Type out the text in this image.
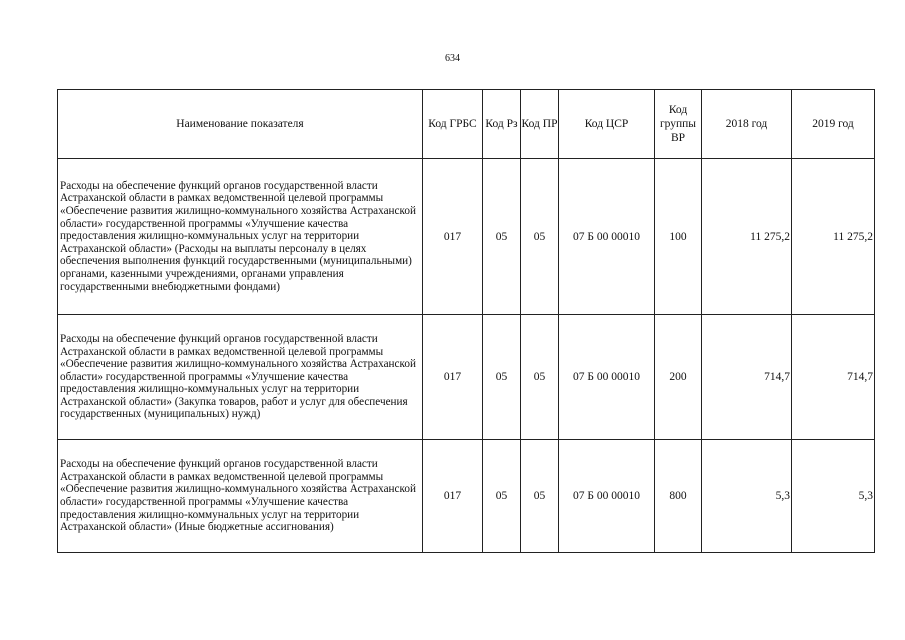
634
Наименование показателя	Код ГРБС	Код Рз	Код ПР	Код ЦСР	Код группы ВР	2018 год	2019 год
Расходы на обеспечение функций органов государственной власти Астраханской области в рамках ведомственной целевой программы «Обеспечение развития жилищно-коммунального хозяйства Астраханской области» государственной программы «Улучшение качества предоставления жилищно-коммунальных услуг на территории Астраханской области» (Расходы на выплаты персоналу в целях обеспечения выполнения функций государственными (муниципальными) органами, казенными учреждениями, органами управления государственными внебюджетными фондами)	017	05	05	07 Б 00 00010	100	11 275,2	11 275,2
Расходы на обеспечение функций органов государственной власти Астраханской области в рамках ведомственной целевой программы «Обеспечение развития жилищно-коммунального хозяйства Астраханской области» государственной программы «Улучшение качества предоставления жилищно-коммунальных услуг на территории Астраханской области» (Закупка товаров, работ и услуг для обеспечения государственных (муниципальных) нужд)	017	05	05	07 Б 00 00010	200	714,7	714,7
Расходы на обеспечение функций органов государственной власти Астраханской области в рамках ведомственной целевой программы «Обеспечение развития жилищно-коммунального хозяйства Астраханской области» государственной программы «Улучшение качества предоставления жилищно-коммунальных услуг на территории Астраханской области» (Иные бюджетные ассигнования)	017	05	05	07 Б 00 00010	800	5,3	5,3
